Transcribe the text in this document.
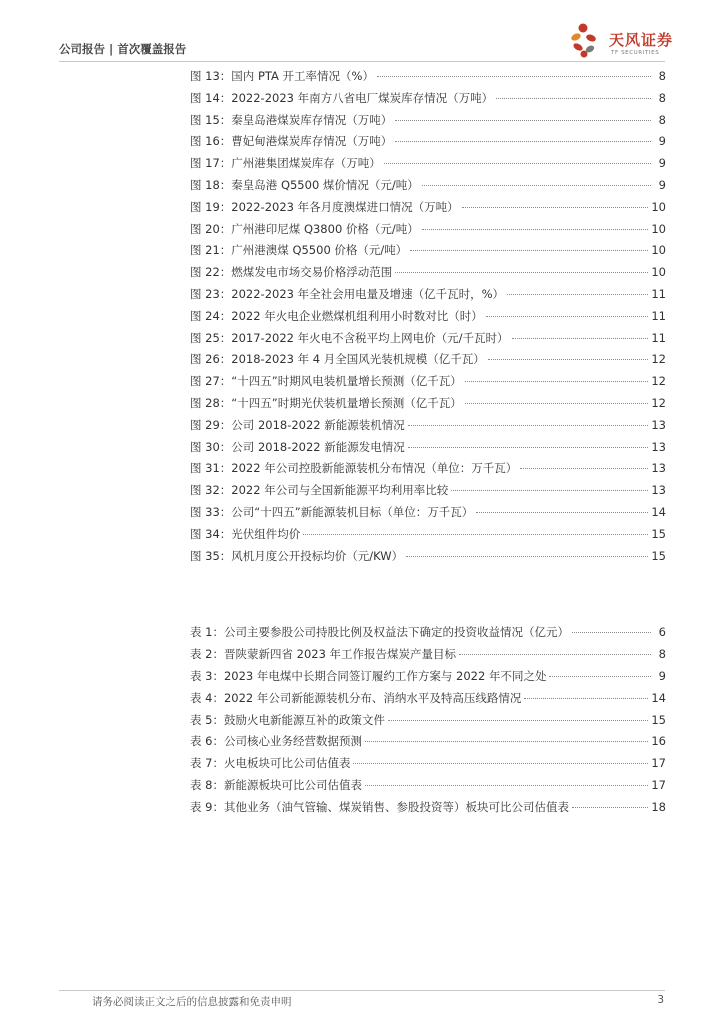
公司报告 | 首次覆盖报告	天风证券
TF SECURITIES
图 13：国内 PTA 开工率情况（%）	8
图 14：2022-2023 年南方八省电厂煤炭库存情况（万吨）	8
图 15：秦皇岛港煤炭库存情况（万吨）	8
图 16：曹妃甸港煤炭库存情况（万吨）	9
图 17：广州港集团煤炭库存（万吨）	9
图 18：秦皇岛港 Q5500 煤价情况（元/吨）	9
图 19：2022-2023 年各月度澳煤进口情况（万吨）	10
图 20：广州港印尼煤 Q3800 价格（元/吨）	10
图 21：广州港澳煤 Q5500 价格（元/吨）	10
图 22：燃煤发电市场交易价格浮动范围	10
图 23：2022-2023 年全社会用电量及增速（亿千瓦时，%）	11
图 24：2022 年火电企业燃煤机组利用小时数对比（时）	11
图 25：2017-2022 年火电不含税平均上网电价（元/千瓦时）	11
图 26：2018-2023 年 4 月全国风光装机规模（亿千瓦）	12
图 27：“十四五”时期风电装机量增长预测（亿千瓦）	12
图 28：“十四五”时期光伏装机量增长预测（亿千瓦）	12
图 29：公司 2018-2022 新能源装机情况	13
图 30：公司 2018-2022 新能源发电情况	13
图 31：2022 年公司控股新能源装机分布情况（单位：万千瓦）	13
图 32：2022 年公司与全国新能源平均利用率比较	13
图 33：公司“十四五”新能源装机目标（单位：万千瓦）	14
图 34：光伏组件均价	15
图 35：风机月度公开投标均价（元/KW）	15
表 1：公司主要参股公司持股比例及权益法下确定的投资收益情况（亿元）	6
表 2：晋陕蒙新四省 2023 年工作报告煤炭产量目标	8
表 3：2023 年电煤中长期合同签订履约工作方案与 2022 年不同之处	9
表 4：2022 年公司新能源装机分布、消纳水平及特高压线路情况	14
表 5：鼓励火电新能源互补的政策文件	15
表 6：公司核心业务经营数据预测	16
表 7：火电板块可比公司估值表	17
表 8：新能源板块可比公司估值表	17
表 9：其他业务（油气管输、煤炭销售、参股投资等）板块可比公司估值表	18
请务必阅读正文之后的信息披露和免责申明	3
